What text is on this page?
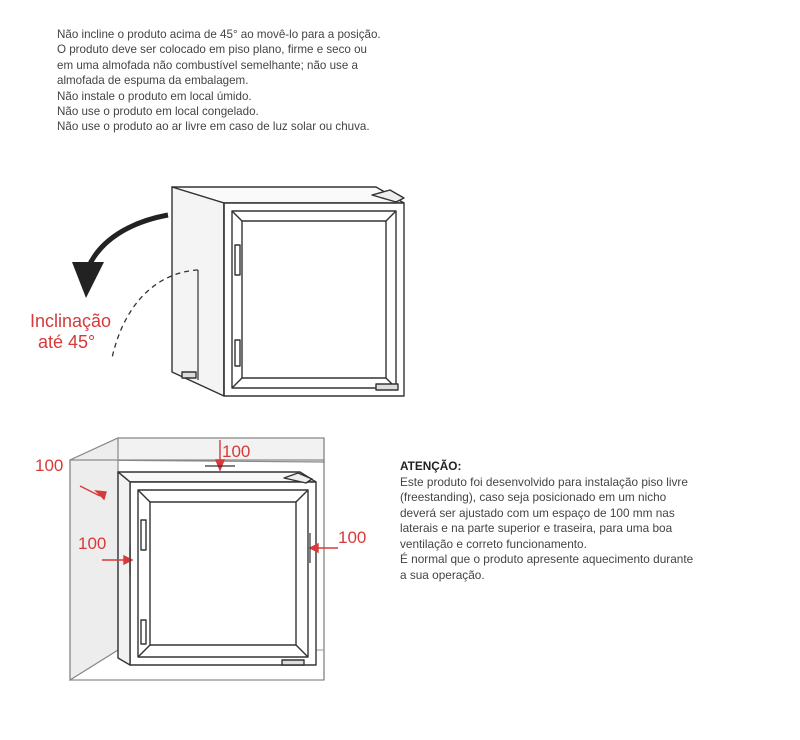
Não incline o produto acima de 45° ao movê-lo para a posição.
O produto deve ser colocado em piso plano, firme e seco ou
em uma almofada não combustível semelhante; não use a
almofada de espuma da embalagem.
Não instale o produto em local úmido.
Não use o produto em local congelado.
Não use o produto ao ar livre em caso de luz solar ou chuva.
Inclinação
até 45°
100
100
100	100
ATENÇÃO:
Este produto foi desenvolvido para instalação piso livre
(freestanding), caso seja posicionado em um nicho
deverá ser ajustado com um espaço de 100 mm nas
laterais e na parte superior e traseira, para uma boa
ventilação e correto funcionamento.
É normal que o produto apresente aquecimento durante
a sua operação.
